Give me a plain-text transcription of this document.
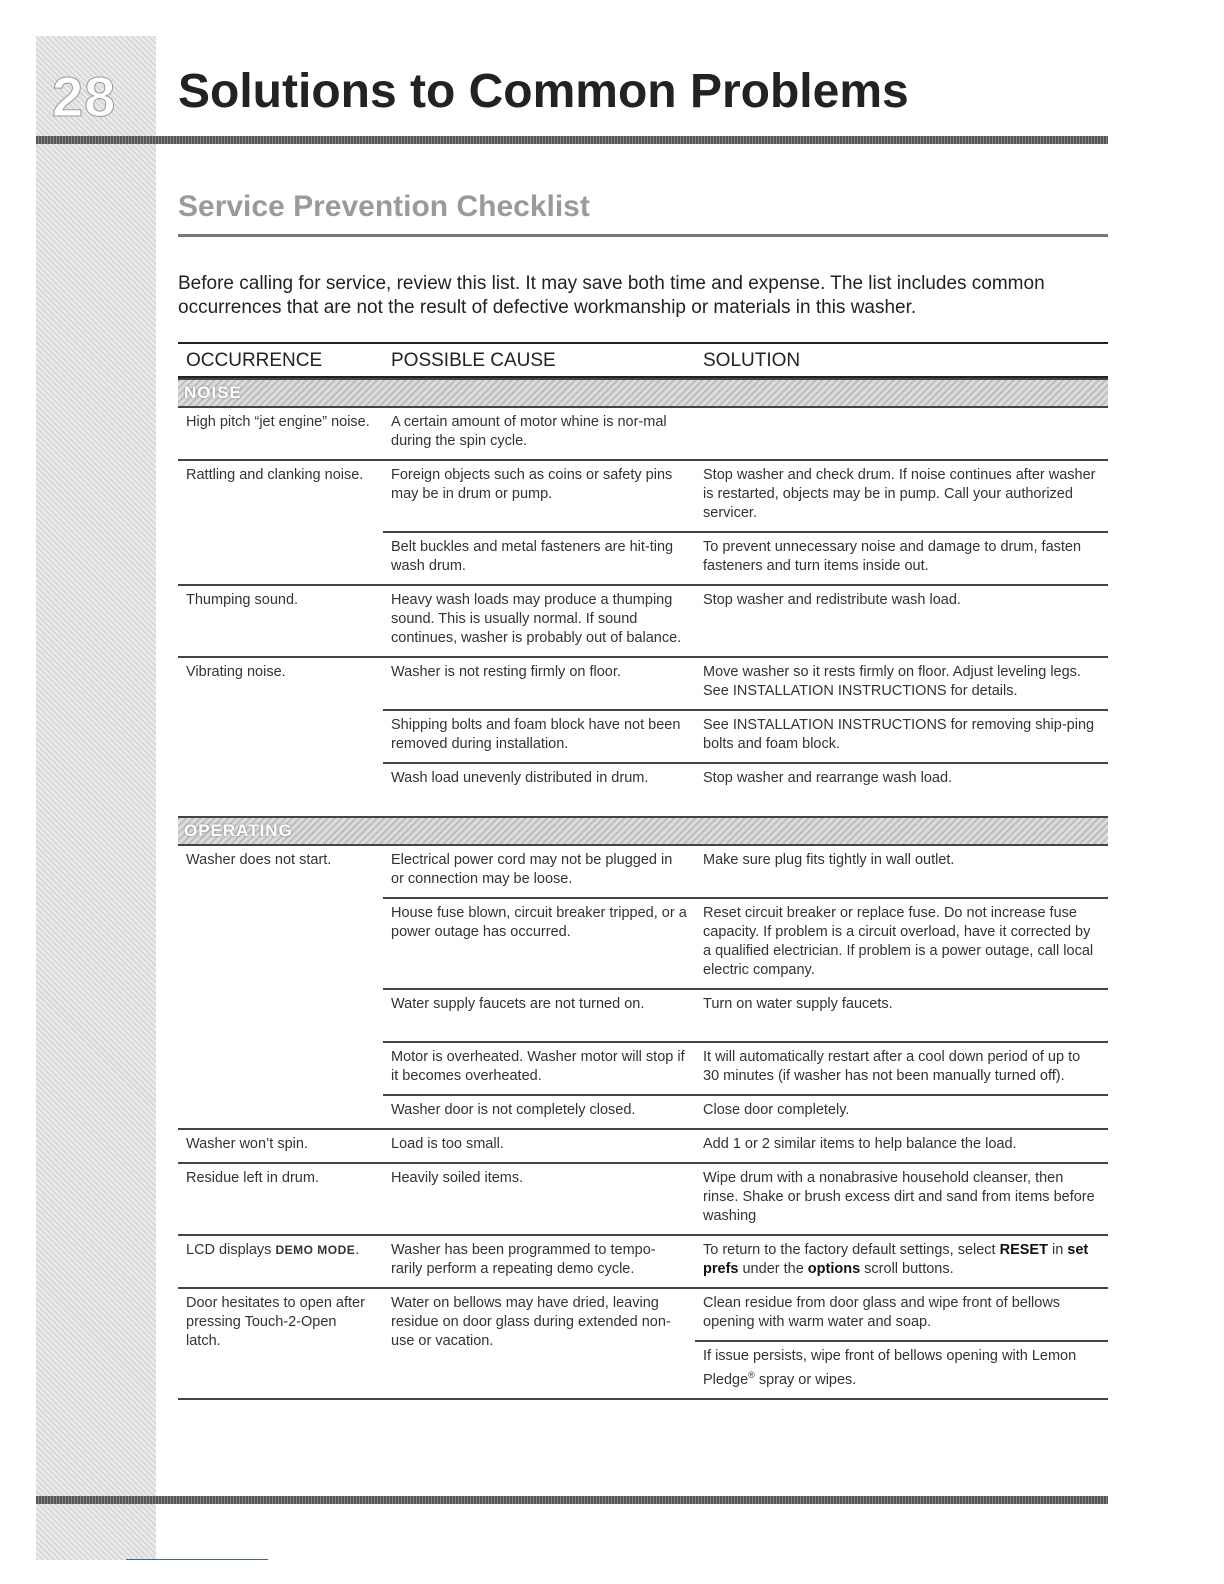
28 Solutions to Common Problems
Service Prevention Checklist

Before calling for service, review this list. It may save both time and expense. The list includes common occurrences that are not the result of defective workmanship or materials in this washer.

OCCURRENCE	POSSIBLE CAUSE	SOLUTION

NOISE		

High pitch “jet engine” noise.	A certain amount of motor whine is nor-mal during the spin cycle.	
Rattling and clanking noise.	Foreign objects such as coins or safety pins may be in drum or pump.	Stop washer and check drum. If noise continues after washer is restarted, objects may be in pump. Call your authorized servicer.
	Belt buckles and metal fasteners are hit-ting wash drum.	To prevent unnecessary noise and damage to drum, fasten fasteners and turn items inside out.
Thumping sound.	Heavy wash loads may produce a thumping sound. This is usually normal. If sound continues, washer is probably out of balance.	Stop washer and redistribute wash load.
Vibrating noise.	Washer is not resting firmly on floor.	Move washer so it rests firmly on floor. Adjust leveling legs. See INSTALLATION INSTRUCTIONS for details.
	Shipping bolts and foam block have not been removed during installation.	See INSTALLATION INSTRUCTIONS for removing ship-ping bolts and foam block.
	Wash load unevenly distributed in drum.	Stop washer and rearrange wash load.

OPERATING		

Washer does not start.	Electrical power cord may not be plugged in or connection may be loose.	Make sure plug fits tightly in wall outlet.
	House fuse blown, circuit breaker tripped, or a power outage has occurred.	Reset circuit breaker or replace fuse. Do not increase fuse capacity. If problem is a circuit overload, have it corrected by a qualified electrician. If problem is a power outage, call local electric company.
	Water supply faucets are not turned on.	Turn on water supply faucets.
	Motor is overheated. Washer motor will stop if it becomes overheated.	It will automatically restart after a cool down period of up to 30 minutes (if washer has not been manually turned off).
	Washer door is not completely closed.	Close door completely.
Washer won’t spin.	Load is too small.	Add 1 or 2 similar items to help balance the load.
Residue left in drum.	Heavily soiled items.	Wipe drum with a nonabrasive household cleanser, then rinse. Shake or brush excess dirt and sand from items before washing
LCD displays DEMO MODE.	Washer has been programmed to tempo-rarily perform a repeating demo cycle.	To return to the factory default settings, select RESET in set prefs under the options scroll buttons.
Door hesitates to open after pressing Touch-2-Open latch.	Water on bellows may have dried, leaving residue on door glass during extended non-use or vacation.	Clean residue from door glass and wipe front of bellows opening with warm water and soap.
		If issue persists, wipe front of bellows opening with Lemon Pledge® spray or wipes.
